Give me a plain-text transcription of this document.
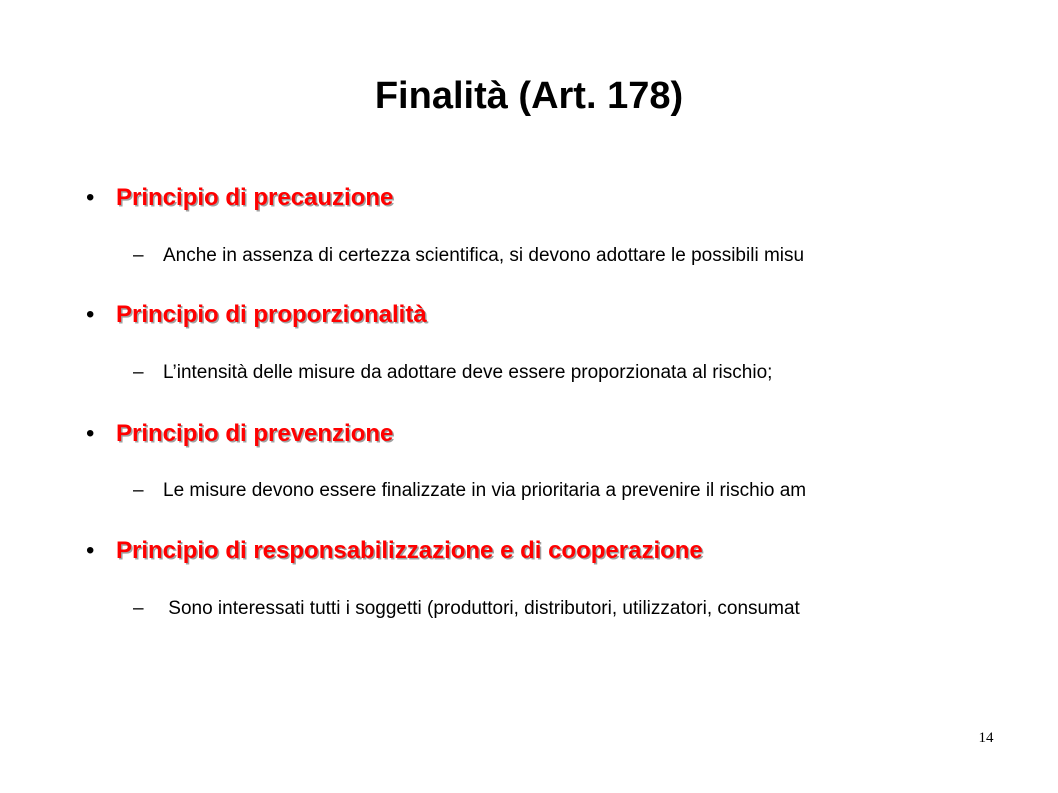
Finalità (Art. 178)
• Principio di precauzione
– Anche in assenza di certezza scientifica, si devono adottare le possibili misu
• Principio di proporzionalità
– L’intensità delle misure da adottare deve essere proporzionata al rischio;
• Principio di prevenzione
– Le misure devono essere finalizzate in via prioritaria a prevenire il rischio am
• Principio di responsabilizzazione e di cooperazione
– Sono interessati tutti i soggetti (produttori, distributori, utilizzatori, consumat
14
